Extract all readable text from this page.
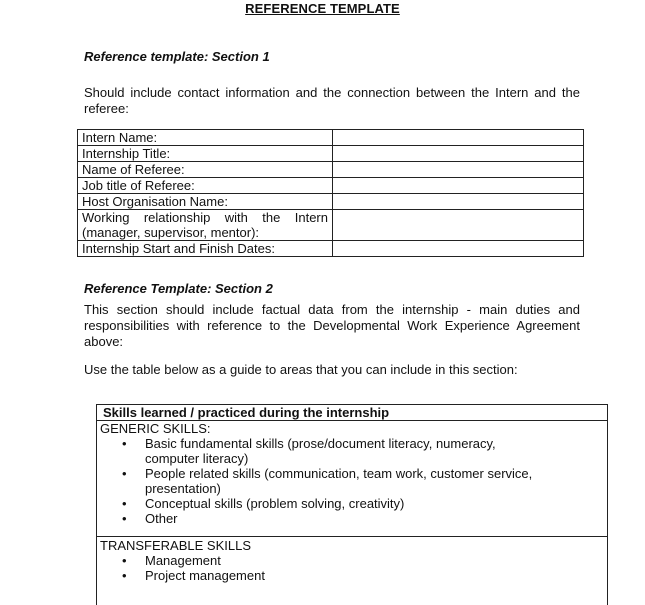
REFERENCE TEMPLATE
Reference template: Section 1
Should include contact information and the connection between the Intern and the referee:
Intern Name:	
Internship Title:	
Name of Referee:	
Job title of Referee:	
Host Organisation Name:	
Working relationship with the Intern (manager, supervisor, mentor):	
Internship Start and Finish Dates:	
Reference Template: Section 2
This section should include factual data from the internship - main duties and responsibilities with reference to the Developmental Work Experience Agreement above:
Use the table below as a guide to areas that you can include in this section:
Skills learned / practiced during the internship
GENERIC SKILLS:
• Basic fundamental skills (prose/document literacy, numeracy, computer literacy)
• People related skills (communication, team work, customer service, presentation)
• Conceptual skills (problem solving, creativity)
• Other
TRANSFERABLE SKILLS
• Management
• Project management
